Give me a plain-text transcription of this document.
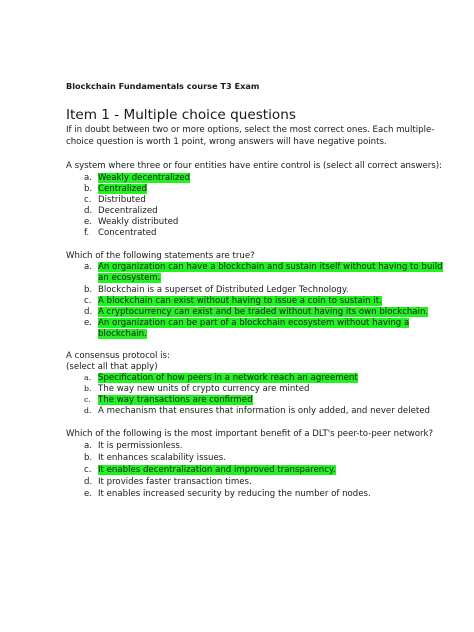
Blockchain Fundamentals course T3 Exam
Item 1 - Multiple choice questions
If in doubt between two or more options, select the most correct ones. Each multiple-
choice question is worth 1 point, wrong answers will have negative points.
A system where three or four entities have entire control is (select all correct answers):
a. Weakly decentralized
b. Centralized
c. Distributed
d. Decentralized
e. Weakly distributed
f. Concentrated
Which of the following statements are true?
a. An organization can have a blockchain and sustain itself without having to build
an ecosystem.
b. Blockchain is a superset of Distributed Ledger Technology.
c. A blockchain can exist without having to issue a coin to sustain it.
d. A cryptocurrency can exist and be traded without having its own blockchain.
e. An organization can be part of a blockchain ecosystem without having a
blockchain.
A consensus protocol is:
(select all that apply)
a. Specification of how peers in a network reach an agreement
b. The way new units of crypto currency are minted
c. The way transactions are confirmed
d. A mechanism that ensures that information is only added, and never deleted
Which of the following is the most important benefit of a DLT's peer-to-peer network?
a. It is permissionless.
b. It enhances scalability issues.
c. It enables decentralization and improved transparency.
d. It provides faster transaction times.
e. It enables increased security by reducing the number of nodes.
